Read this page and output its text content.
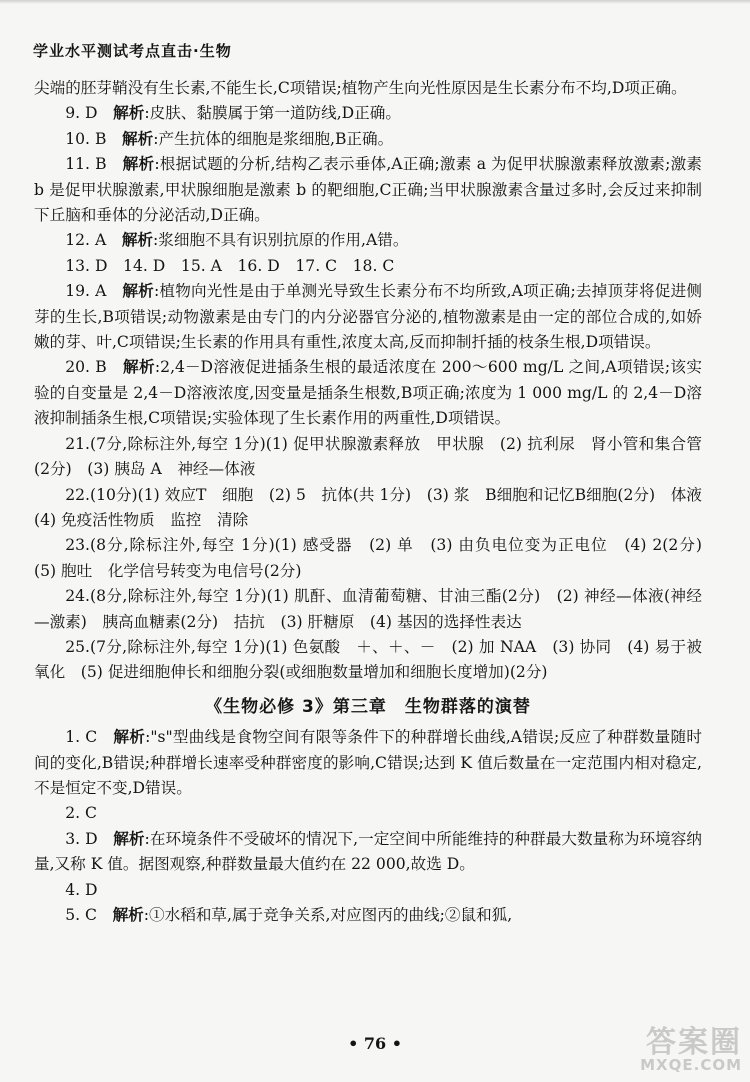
学业水平测试考点直击·生物

尖端的胚芽鞘没有生长素,不能生长,C项错误;植物产生向光性原因是生长素分布不均,D项正确。

9. D　 解析:皮肤、黏膜属于第一道防线,D正确。

10. B　 解析:产生抗体的细胞是浆细胞,B正确。

11. B　 解析:根据试题的分析,结构乙表示垂体,A正确;激素 a 为促甲状腺激素释放激素;激素 b 是促甲状腺激素,甲状腺细胞是激素 b 的靶细胞,C正确;当甲状腺激素含量过多时,会反过来抑制下丘脑和垂体的分泌活动,D正确。

12. A　 解析:浆细胞不具有识别抗原的作用,A错。

13. D　14. D　15. A　16. D　17. C　18. C

19. A　 解析:植物向光性是由于单测光导致生长素分布不均所致,A项正确;去掉顶芽将促进侧芽的生长,B项错误;动物激素是由专门的内分泌器官分泌的,植物激素是由一定的部位合成的,如娇嫩的芽、叶,C项错误;生长素的作用具有重性,浓度太高,反而抑制扦插的枝条生根,D项错误。

20. B　 解析:2,4－D溶液促进插条生根的最适浓度在 200～600 mg/L 之间,A项错误;该实验的自变量是 2,4－D溶液浓度,因变量是插条生根数,B项正确;浓度为 1 000 mg/L 的 2,4－D溶液抑制插条生根,C项错误;实验体现了生长素作用的两重性,D项错误。

21.(7分,除标注外,每空 1分)(1) 促甲状腺激素释放　甲状腺　(2) 抗利尿　肾小管和集合管(2分)　(3) 胰岛 A　神经—体液

22.(10分)(1) 效应T　细胞　(2) 5　抗体(共 1分)　(3) 浆　B细胞和记忆B细胞(2分)　体液　(4) 免疫活性物质　监控　清除

23.(8分,除标注外,每空 1分)(1) 感受器　(2) 单　(3) 由负电位变为正电位　(4) 2(2分)　(5) 胞吐　化学信号转变为电信号(2分)

24.(8分,除标注外,每空 1分)(1) 肌酐、血清葡萄糖、甘油三酯(2分)　(2) 神经—体液(神经—激素)　胰高血糖素(2分)　拮抗　(3) 肝糖原　(4) 基因的选择性表达

25.(7分,除标注外,每空 1分)(1) 色氨酸　＋、＋、－　(2) 加 NAA　(3) 协同　(4) 易于被氧化　(5) 促进细胞伸长和细胞分裂(或细胞数量增加和细胞长度增加)(2分)

《生物必修 3》第三章　生物群落的演替

1. C　 解析:"s"型曲线是食物空间有限等条件下的种群增长曲线,A错误;反应了种群数量随时间的变化,B错误;种群增长速率受种群密度的影响,C错误;达到 K 值后数量在一定范围内相对稳定,不是恒定不变,D错误。

2. C

3. D　 解析:在环境条件不受破坏的情况下,一定空间中所能维持的种群最大数量称为环境容纳量,又称 K 值。据图观察,种群数量最大值约在 22 000,故选 D。

4. D

5. C　 解析:①水稻和草,属于竞争关系,对应图丙的曲线;②鼠和狐,

• 76 •	答案圈
MXQE.COM
